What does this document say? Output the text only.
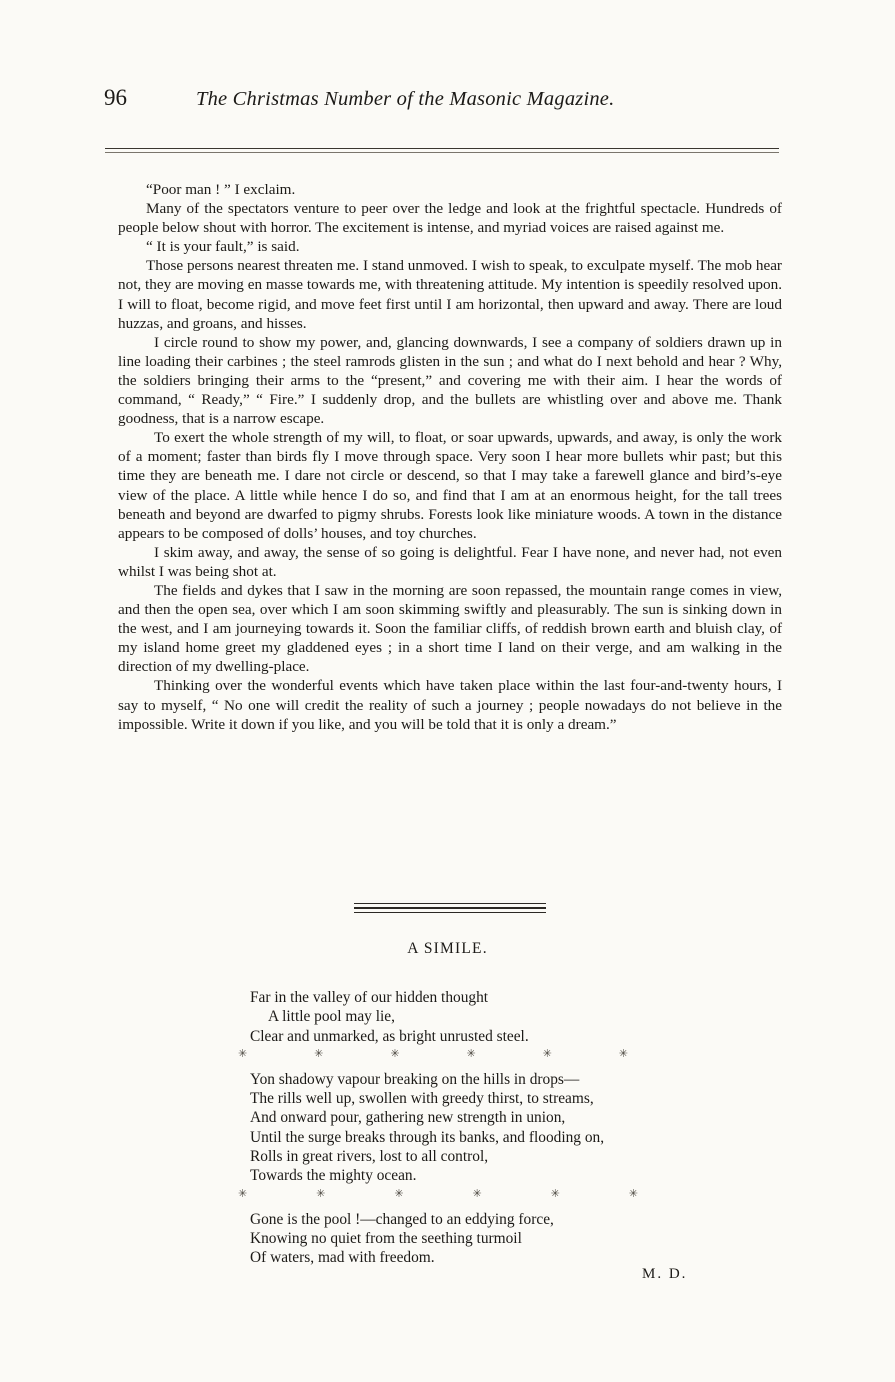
96	The Christmas Number of the Masonic Magazine.

“Poor man ! ” I exclaim.

Many of the spectators venture to peer over the ledge and look at the frightful spectacle. Hundreds of people below shout with horror. The excitement is intense, and myriad voices are raised against me.

“ It is your fault,” is said.

Those persons nearest threaten me. I stand unmoved. I wish to speak, to exculpate myself. The mob hear not, they are moving en masse towards me, with threatening attitude. My intention is speedily resolved upon. I will to float, become rigid, and move feet first until I am horizontal, then upward and away. There are loud huzzas, and groans, and hisses.

I circle round to show my power, and, glancing downwards, I see a company of soldiers drawn up in line loading their carbines ; the steel ramrods glisten in the sun ; and what do I next behold and hear ? Why, the soldiers bringing their arms to the “present,” and covering me with their aim. I hear the words of command, “ Ready,” “ Fire.” I suddenly drop, and the bullets are whistling over and above me. Thank goodness, that is a narrow escape.

To exert the whole strength of my will, to float, or soar upwards, upwards, and away, is only the work of a moment; faster than birds fly I move through space. Very soon I hear more bullets whir past; but this time they are beneath me. I dare not circle or descend, so that I may take a farewell glance and bird’s-eye view of the place. A little while hence I do so, and find that I am at an enormous height, for the tall trees beneath and beyond are dwarfed to pigmy shrubs. Forests look like miniature woods. A town in the distance appears to be composed of dolls’ houses, and toy churches.

I skim away, and away, the sense of so going is delightful. Fear I have none, and never had, not even whilst I was being shot at.

The fields and dykes that I saw in the morning are soon repassed, the mountain range comes in view, and then the open sea, over which I am soon skimming swiftly and pleasurably. The sun is sinking down in the west, and I am journeying towards it. Soon the familiar cliffs, of reddish brown earth and bluish clay, of my island home greet my gladdened eyes ; in a short time I land on their verge, and am walking in the direction of my dwelling-place.

Thinking over the wonderful events which have taken place within the last four-and-twenty hours, I say to myself, “ No one will credit the reality of such a journey ; people nowadays do not believe in the impossible. Write it down if you like, and you will be told that it is only a dream.”

A SIMILE.
Far in the valley of our hidden thought
A little pool may lie,
Clear and unmarked, as bright unrusted steel.
✳	✳	✳	✳	✳	✳
Yon shadowy vapour breaking on the hills in drops—
The rills well up, swollen with greedy thirst, to streams,
And onward pour, gathering new strength in union,
Until the surge breaks through its banks, and flooding on,
Rolls in great rivers, lost to all control,
Towards the mighty ocean.
✳	✳	✳	✳	✳	✳
Gone is the pool !—changed to an eddying force,
Knowing no quiet from the seething turmoil
Of waters, mad with freedom.
M. D.
